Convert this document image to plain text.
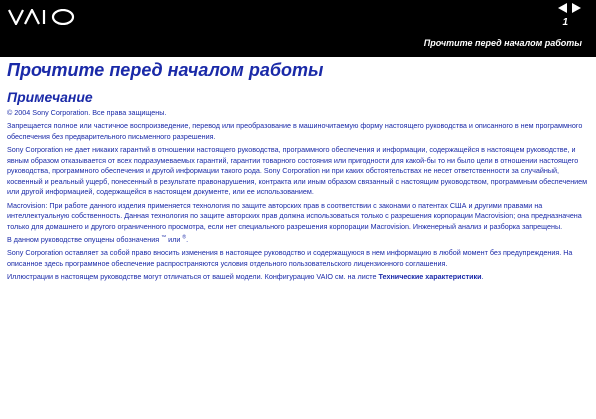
1
Прочтите перед началом работы
Прочтите перед началом работы
Примечание

© 2004 Sony Corporation. Все права защищены.

Запрещается полное или частичное воспроизведение, перевод или преобразование в машиночитаемую форму настоящего руководства и описанного в нем программного обеспечения без предварительного письменного разрешения.

Sony Corporation не дает никаких гарантий в отношении настоящего руководства, программного обеспечения и информации, содержащейся в настоящем руководстве, и явным образом отказывается от всех подразумеваемых гарантий, гарантии товарного состояния или пригодности для какой-бы то ни было цели в отношении настоящего руководства, программного обеспечения и другой информации такого рода. Sony Corporation ни при каких обстоятельствах не несет ответственности за случайный, косвенный и реальный ущерб, понесенный в результате правонарушения, контракта или иным образом связанный с настоящим руководством, программным обеспечением или другой информацией, содержащейся в настоящем документе, или ее использованием.

Macrovision: При работе данного изделия применяется технология по защите авторских прав в соответствии с законами о патентах США и другими правами на интеллектуальную собственность. Данная технология по защите авторских прав должна использоваться только с разрешения корпорации Macrovision; она предназначена только для домашнего и другого ограниченного просмотра, если нет специального разрешения корпорации Macrovision. Инженерный анализ и разборка запрещены.

В данном руководстве опущены обозначения ™ или ®.

Sony Corporation оставляет за собой право вносить изменения в настоящее руководство и содержащуюся в нем информацию в любой момент без предупреждения. На описанное здесь программное обеспечение распространяются условия отдельного пользовательского лицензионного соглашения.

Иллюстрации в настоящем руководстве могут отличаться от вашей модели. Конфигурацию VAIO см. на листе Технические характеристики.
